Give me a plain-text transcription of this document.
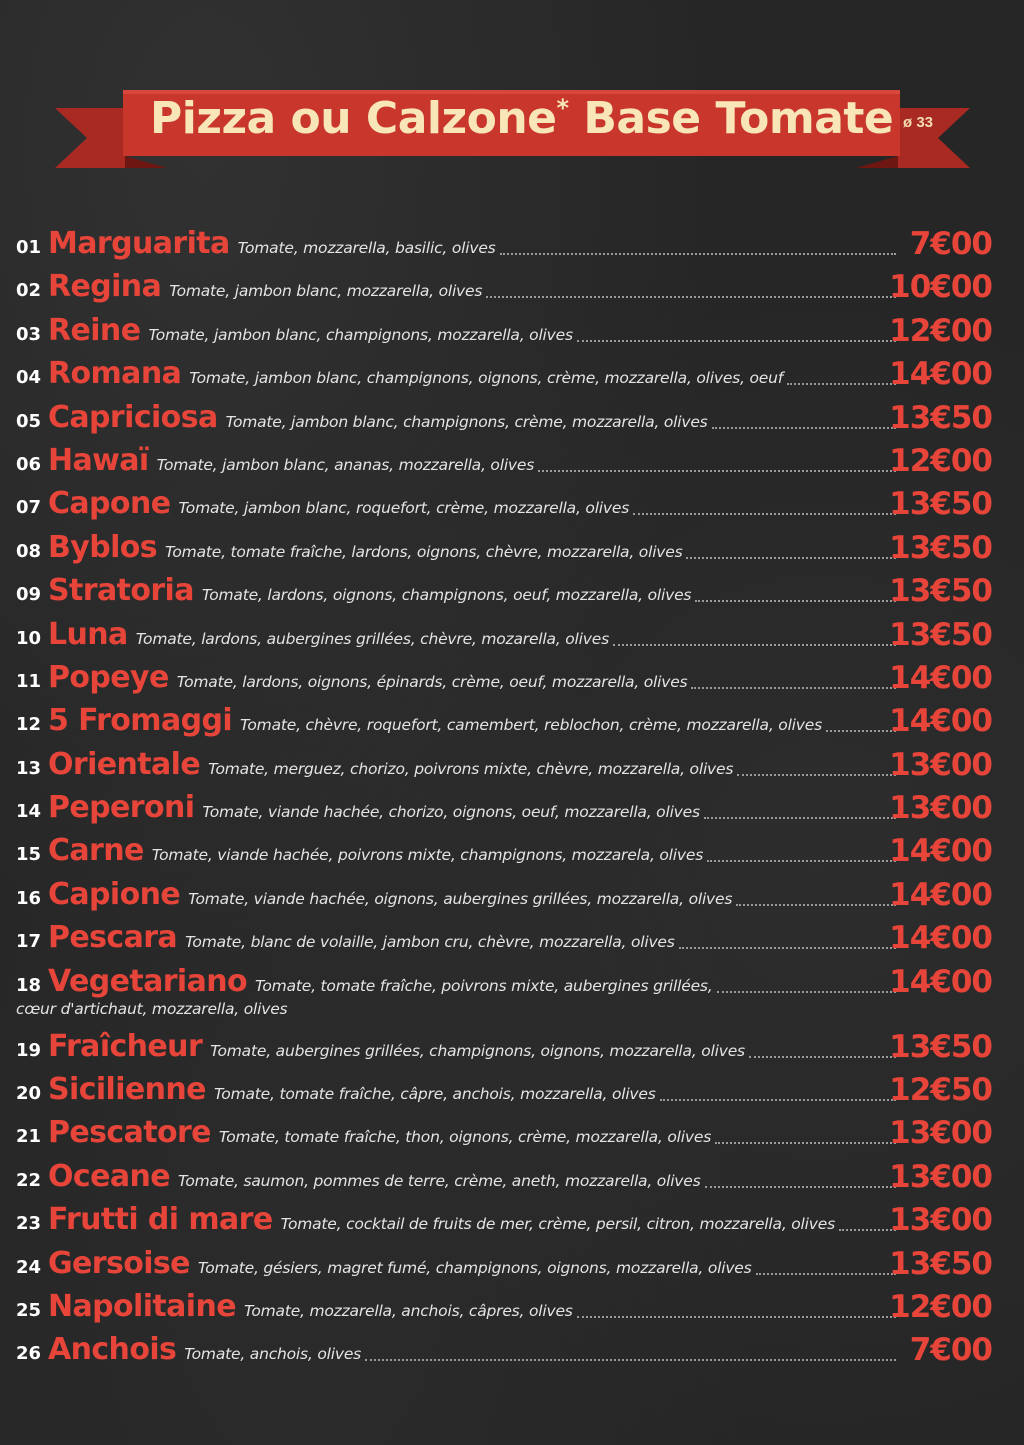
Pizza ou Calzone* Base Tomate ø 33
01 Marguarita Tomate, mozzarella, basilic, olives	7€00
02 Regina Tomate, jambon blanc, mozzarella, olives	10€00
03 Reine Tomate, jambon blanc, champignons, mozzarella, olives	12€00
04 Romana Tomate, jambon blanc, champignons, oignons, crème, mozzarella, olives, oeuf	14€00
05 Capriciosa Tomate, jambon blanc, champignons, crème, mozzarella, olives	13€50
06 Hawaï Tomate, jambon blanc, ananas, mozzarella, olives	12€00
07 Capone Tomate, jambon blanc, roquefort, crème, mozzarella, olives	13€50
08 Byblos Tomate, tomate fraîche, lardons, oignons, chèvre, mozzarella, olives	13€50
09 Stratoria Tomate, lardons, oignons, champignons, oeuf, mozzarella, olives	13€50
10 Luna Tomate, lardons, aubergines grillées, chèvre, mozarella, olives	13€50
11 Popeye Tomate, lardons, oignons, épinards, crème, oeuf, mozzarella, olives	14€00
12 5 Fromaggi Tomate, chèvre, roquefort, camembert, reblochon, crème, mozzarella, olives 14€00
13 Orientale Tomate, merguez, chorizo, poivrons mixte, chèvre, mozzarella, olives	13€00
14 Peperoni Tomate, viande hachée, chorizo, oignons, oeuf, mozzarella, olives	13€00
15 Carne Tomate, viande hachée, poivrons mixte, champignons, mozzarela, olives	14€00
16 Capione Tomate, viande hachée, oignons, aubergines grillées, mozzarella, olives	14€00
17 Pescara Tomate, blanc de volaille, jambon cru, chèvre, mozzarella, olives	14€00
18 Vegetariano Tomate, tomate fraîche, poivrons mixte, aubergines grillées,	14€00
cœur d'artichaut, mozzarella, olives
19 Fraîcheur Tomate, aubergines grillées, champignons, oignons, mozzarella, olives	13€50
20 Sicilienne Tomate, tomate fraîche, câpre, anchois, mozzarella, olives	12€50
21 Pescatore Tomate, tomate fraîche, thon, oignons, crème, mozzarella, olives	13€00
22 Oceane Tomate, saumon, pommes de terre, crème, aneth, mozzarella, olives	13€00
23 Frutti di mare Tomate, cocktail de fruits de mer, crème, persil, citron, mozzarella, olives 13€00
24 Gersoise Tomate, gésiers, magret fumé, champignons, oignons, mozzarella, olives	13€50
25 Napolitaine Tomate, mozzarella, anchois, câpres, olives	12€00
26 Anchois Tomate, anchois, olives	7€00
